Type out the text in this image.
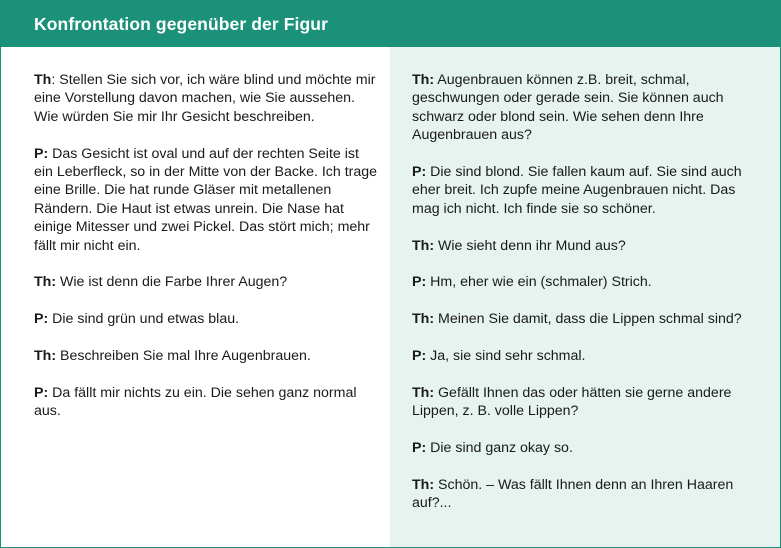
Konfrontation gegenüber der Figur

Th: Stellen Sie sich vor, ich wäre blind und möchte mir eine Vorstellung davon machen, wie Sie aussehen. Wie würden Sie mir Ihr Gesicht beschreiben.

P: Das Gesicht ist oval und auf der rechten Seite ist ein Leberfleck, so in der Mitte von der Backe. Ich trage eine Brille. Die hat runde Gläser mit metallenen Rändern. Die Haut ist etwas unrein. Die Nase hat einige Mitesser und zwei Pickel. Das stört mich; mehr fällt mir nicht ein.

Th: Wie ist denn die Farbe Ihrer Augen?

P: Die sind grün und etwas blau.

Th: Beschreiben Sie mal Ihre Augenbrauen.

P: Da fällt mir nichts zu ein. Die sehen ganz normal aus.

Th: Augenbrauen können z.B. breit, schmal, geschwungen oder gerade sein. Sie können auch schwarz oder blond sein. Wie sehen denn Ihre Augenbrauen aus?

P: Die sind blond. Sie fallen kaum auf. Sie sind auch eher breit. Ich zupfe meine Augenbrauen nicht. Das mag ich nicht. Ich finde sie so schöner.

Th: Wie sieht denn ihr Mund aus?

P: Hm, eher wie ein (schmaler) Strich.

Th: Meinen Sie damit, dass die Lippen schmal sind?

P: Ja, sie sind sehr schmal.

Th: Gefällt Ihnen das oder hätten sie gerne andere Lippen, z. B. volle Lippen?

P: Die sind ganz okay so.

Th: Schön. – Was fällt Ihnen denn an Ihren Haaren auf?...
